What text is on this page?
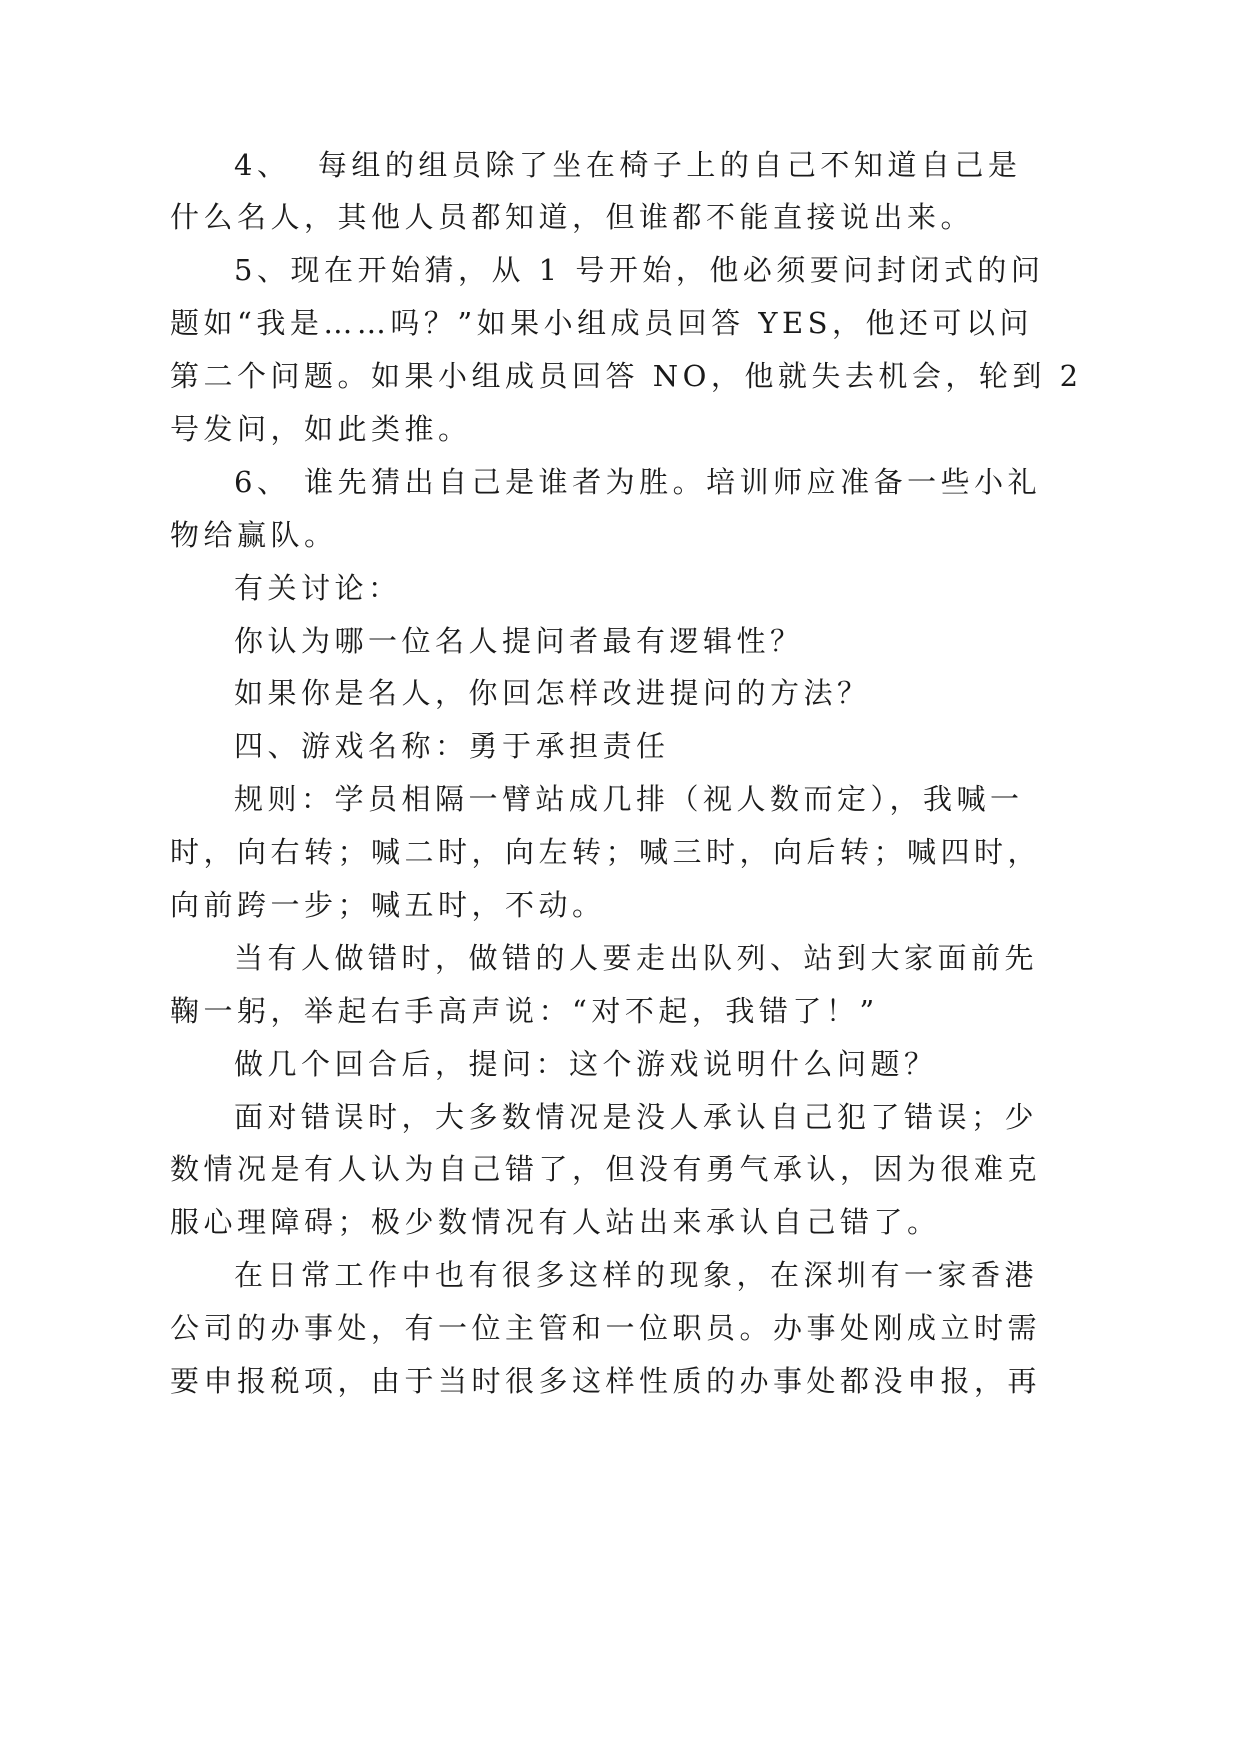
4、  每组的组员除了坐在椅子上的自己不知道自己是
什么名人，其他人员都知道，但谁都不能直接说出来。
5、现在开始猜，从 1 号开始，他必须要问封闭式的问
题如“我是……吗？”如果小组成员回答 YES，他还可以问
第二个问题。如果小组成员回答 NO，他就失去机会，轮到 2
号发问，如此类推。
6、 谁先猜出自己是谁者为胜。培训师应准备一些小礼
物给赢队。
有关讨论：
你认为哪一位名人提问者最有逻辑性？
如果你是名人，你回怎样改进提问的方法？
四、游戏名称：勇于承担责任
规则：学员相隔一臂站成几排（视人数而定），我喊一
时，向右转；喊二时，向左转；喊三时，向后转；喊四时，
向前跨一步；喊五时，不动。
当有人做错时，做错的人要走出队列、站到大家面前先
鞠一躬，举起右手高声说：“对不起，我错了！”
做几个回合后，提问：这个游戏说明什么问题？
面对错误时，大多数情况是没人承认自己犯了错误；少
数情况是有人认为自己错了，但没有勇气承认，因为很难克
服心理障碍；极少数情况有人站出来承认自己错了。
在日常工作中也有很多这样的现象，在深圳有一家香港
公司的办事处，有一位主管和一位职员。办事处刚成立时需
要申报税项，由于当时很多这样性质的办事处都没申报，再
